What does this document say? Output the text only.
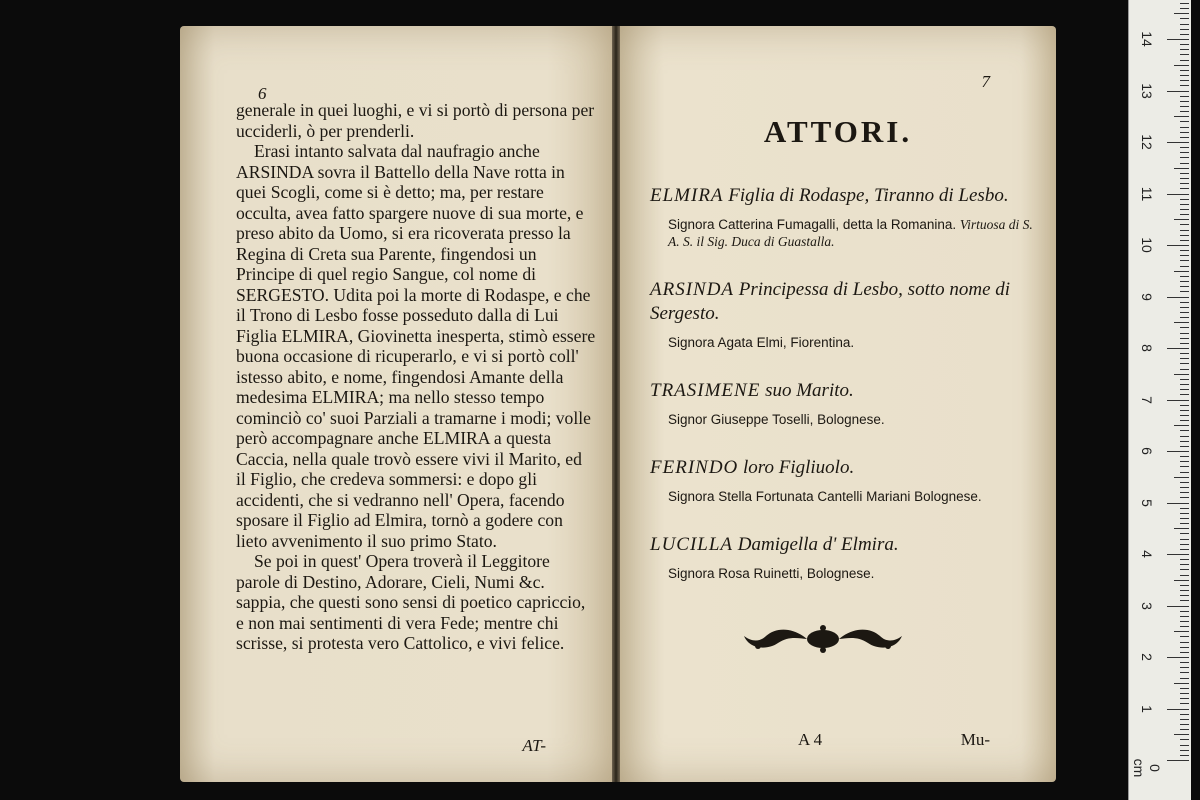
6

generale in quei luoghi, e vi si portò di persona per ucciderli, ò per prenderli.

Erasi intanto salvata dal naufragio anche ARSINDA sovra il Battello della Nave rotta in quei Scogli, come si è detto; ma, per restare occulta, avea fatto spargere nuove di sua morte, e preso abito da Uomo, si era ricoverata presso la Regina di Creta sua Parente, fingendosi un Principe di quel regio Sangue, col nome di SERGESTO. Udita poi la morte di Rodaspe, e che il Trono di Lesbo fosse posseduto dalla di Lui Figlia ELMIRA, Giovinetta inesperta, stimò essere buona occasione di ricuperarlo, e vi si portò coll' istesso abito, e nome, fingendosi Amante della medesima ELMIRA; ma nello stesso tempo cominciò co' suoi Parziali a tramarne i modi; volle però accompagnare anche ELMIRA a questa Caccia, nella quale trovò essere vivi il Marito, ed il Figlio, che credeva sommersi: e dopo gli accidenti, che si vedranno nell' Opera, facendo sposare il Figlio ad Elmira, tornò a godere con lieto avvenimento il suo primo Stato.

Se poi in quest' Opera troverà il Leggitore parole di Destino, Adorare, Cieli, Numi &c. sappia, che questi sono sensi di poetico capriccio, e non mai sentimenti di vera Fede; mentre chi scrisse, si protesta vero Cattolico, e vivi felice.

AT-
7
ATTORI.
ELMIRA Figlia di Rodaspe, Tiranno di Lesbo.
Signora Catterina Fumagalli, detta la Romanina. Virtuosa di S. A. S. il Sig. Duca di Guastalla.
ARSINDA Principessa di Lesbo, sotto nome di Sergesto.
Signora Agata Elmi, Fiorentina.
TRASIMENE suo Marito.
Signor Giuseppe Toselli, Bolognese.
FERINDO loro Figliuolo.
Signora Stella Fortunata Cantelli Mariani Bolognese.
LUCILLA Damigella d' Elmira.
Signora Rosa Ruinetti, Bolognese.
A 4	Mu-
0 cm
1
2
3
4
5
6
7
8
9
10
11
12
13
14
